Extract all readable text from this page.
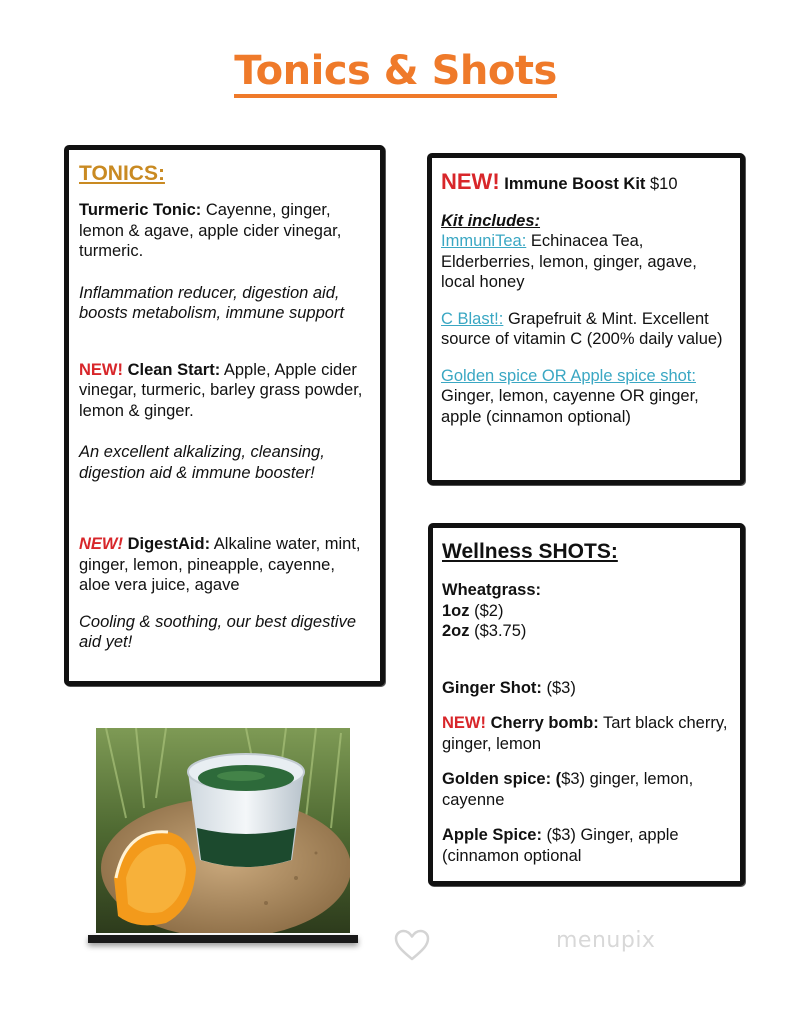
Tonics & Shots
TONICS:

Turmeric Tonic: Cayenne, ginger, lemon & agave, apple cider vinegar, turmeric.

Inflammation reducer, digestion aid, boosts metabolism, immune support

NEW! Clean Start: Apple, Apple cider vinegar, turmeric, barley grass powder, lemon & ginger.

An excellent alkalizing, cleansing, digestion aid & immune booster!

NEW! DigestAid: Alkaline water, mint, ginger, lemon, pineapple, cayenne, aloe vera juice, agave

Cooling & soothing, our best digestive aid yet!

NEW! Immune Boost Kit $10

Kit includes:

ImmuniTea: Echinacea Tea, Elderberries, lemon, ginger, agave, local honey

C Blast!: Grapefruit & Mint. Excellent source of vitamin C (200% daily value)

Golden spice OR Apple spice shot: Ginger, lemon, cayenne OR ginger, apple (cinnamon optional)

Wellness SHOTS:

Wheatgrass:

1oz ($2)

2oz ($3.75)

Ginger Shot: ($3)

NEW! Cherry bomb: Tart black cherry, ginger, lemon

Golden spice: ($3) ginger, lemon, cayenne

Apple Spice: ($3) Ginger, apple (cinnamon optional

menupix
